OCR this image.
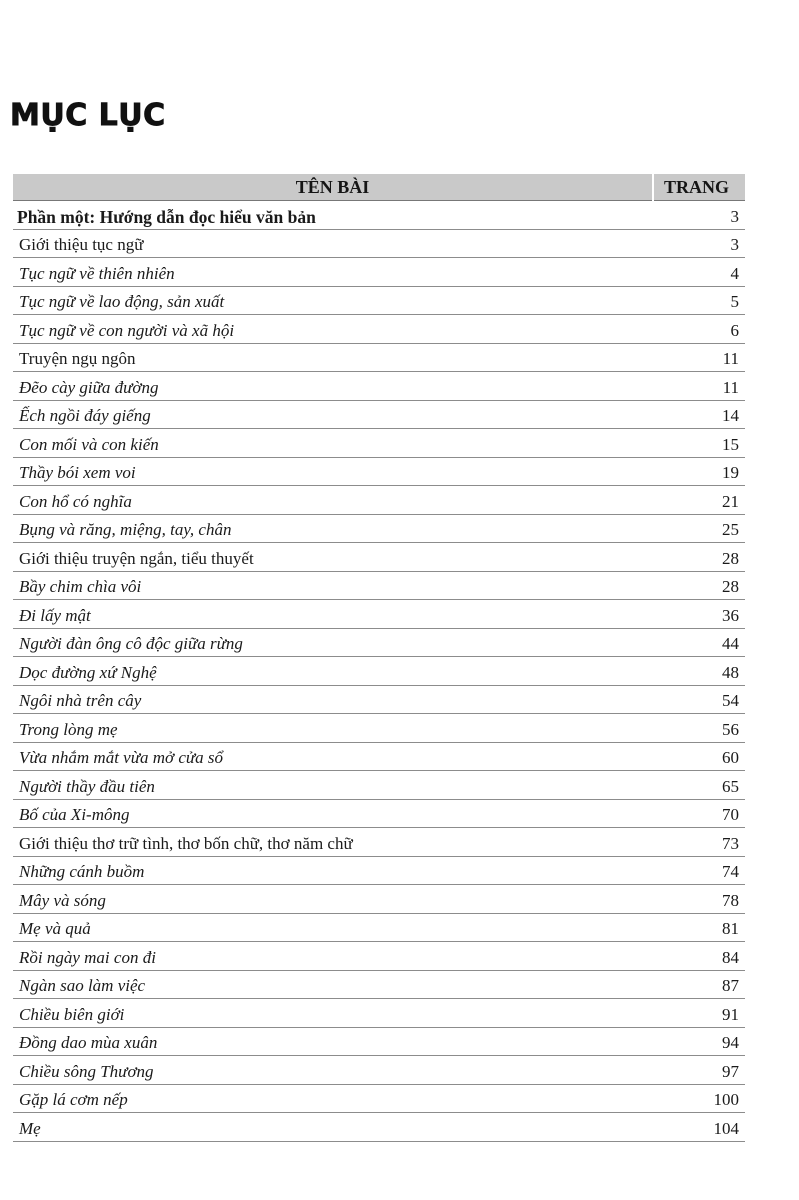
MỤC LỤC
TÊN BÀI	TRANG
Phần một: Hướng dẫn đọc hiểu văn bản	3
Giới thiệu tục ngữ	3
Tục ngữ về thiên nhiên	4
Tục ngữ về lao động, sản xuất	5
Tục ngữ về con người và xã hội	6
Truyện ngụ ngôn	11
Đẽo cày giữa đường	11
Ếch ngồi đáy giếng	14
Con mối và con kiến	15
Thầy bói xem voi	19
Con hổ có nghĩa	21
Bụng và răng, miệng, tay, chân	25
Giới thiệu truyện ngắn, tiểu thuyết	28
Bầy chim chìa vôi	28
Đi lấy mật	36
Người đàn ông cô độc giữa rừng	44
Dọc đường xứ Nghệ	48
Ngôi nhà trên cây	54
Trong lòng mẹ	56
Vừa nhắm mắt vừa mở cửa sổ	60
Người thầy đầu tiên	65
Bố của Xi-mông	70
Giới thiệu thơ trữ tình, thơ bốn chữ, thơ năm chữ	73
Những cánh buồm	74
Mây và sóng	78
Mẹ và quả	81
Rồi ngày mai con đi	84
Ngàn sao làm việc	87
Chiều biên giới	91
Đồng dao mùa xuân	94
Chiều sông Thương	97
Gặp lá cơm nếp	100
Mẹ	104
